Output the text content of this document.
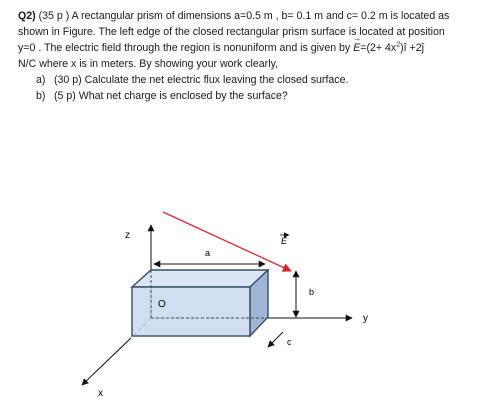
Q2) (35 p ) A rectangular prism of dimensions a=0.5 m , b= 0.1 m and c= 0.2 m is located as
shown in Figure. The left edge of the closed rectangular prism surface is located at position
y=0 . The electric field through the region is nonuniform and is given by → $E=(2+ 4x^2)î$ +2ĵ
N/C where x is in meters. By showing your work clearly,
a) (30 p) Calculate the net electric flux leaving the closed surface.
b) (5 p) What net charge is enclosed by the surface?
z
y
x
O
a
b
c
E
